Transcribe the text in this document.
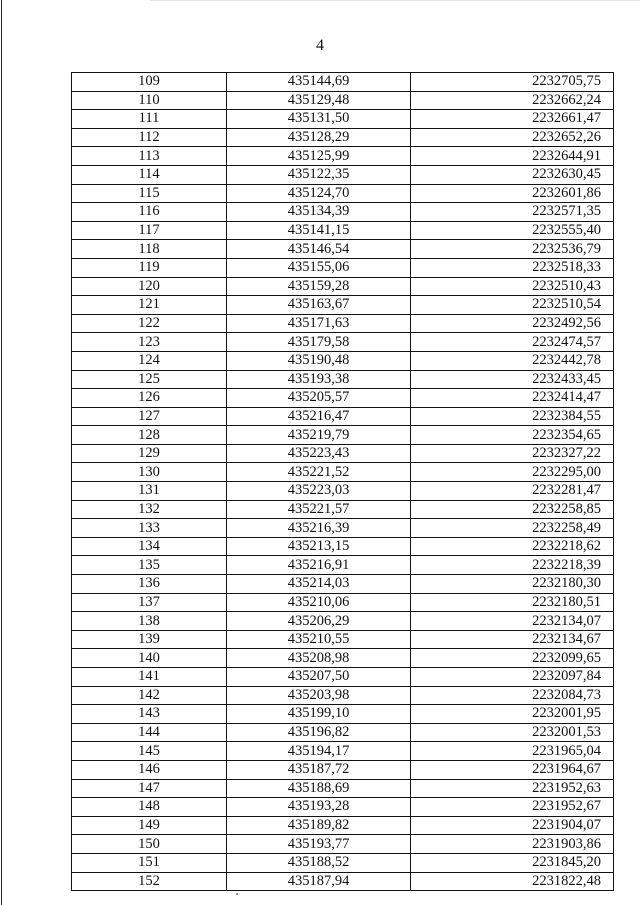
4
109	435144,69	2232705,75
110	435129,48	2232662,24
111	435131,50	2232661,47
112	435128,29	2232652,26
113	435125,99	2232644,91
114	435122,35	2232630,45
115	435124,70	2232601,86
116	435134,39	2232571,35
117	435141,15	2232555,40
118	435146,54	2232536,79
119	435155,06	2232518,33
120	435159,28	2232510,43
121	435163,67	2232510,54
122	435171,63	2232492,56
123	435179,58	2232474,57
124	435190,48	2232442,78
125	435193,38	2232433,45
126	435205,57	2232414,47
127	435216,47	2232384,55
128	435219,79	2232354,65
129	435223,43	2232327,22
130	435221,52	2232295,00
131	435223,03	2232281,47
132	435221,57	2232258,85
133	435216,39	2232258,49
134	435213,15	2232218,62
135	435216,91	2232218,39
136	435214,03	2232180,30
137	435210,06	2232180,51
138	435206,29	2232134,07
139	435210,55	2232134,67
140	435208,98	2232099,65
141	435207,50	2232097,84
142	435203,98	2232084,73
143	435199,10	2232001,95
144	435196,82	2232001,53
145	435194,17	2231965,04
146	435187,72	2231964,67
147	435188,69	2231952,63
148	435193,28	2231952,67
149	435189,82	2231904,07
150	435193,77	2231903,86
151	435188,52	2231845,20
152	435187,94	2231822,48
